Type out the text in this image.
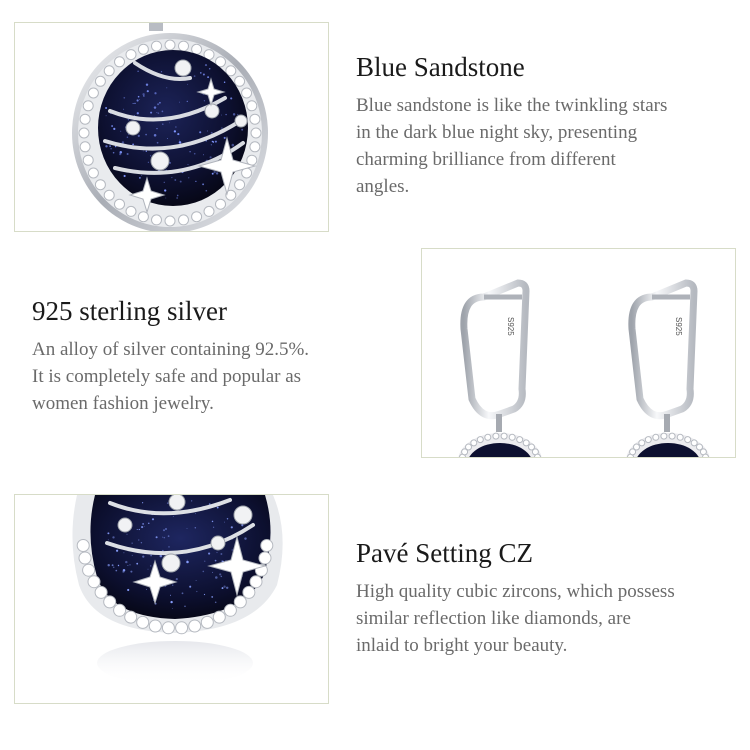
Blue Sandstone
Blue sandstone is like the twinkling stars
in the dark blue night sky, presenting
charming brilliance from different
angles.
925 sterling silver
An alloy of silver containing 92.5%.
It is completely safe and popular as
women fashion jewelry.
S925	S925
Pavé Setting CZ
High quality cubic zircons, which possess
similar reflection like diamonds, are
inlaid to bright your beauty.
